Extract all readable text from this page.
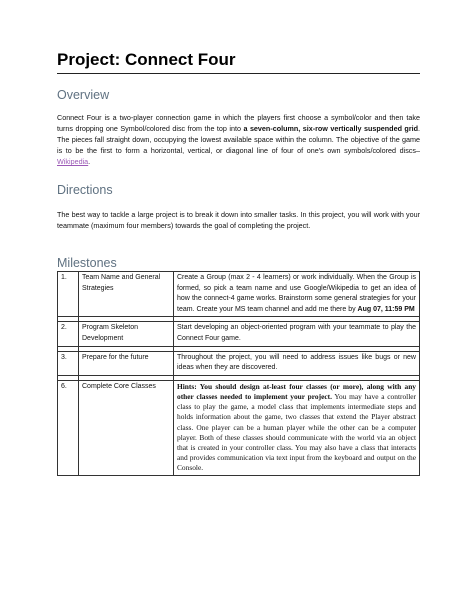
Project: Connect Four
Overview
Connect Four is a two-player connection game in which the players first choose a symbol/color and then take turns dropping one Symbol/colored disc from the top into a seven-column, six-row vertically suspended grid. The pieces fall straight down, occupying the lowest available space within the column. The objective of the game is to be the first to form a horizontal, vertical, or diagonal line of four of one's own symbols/colored discs–Wikipedia.
Directions
The best way to tackle a large project is to break it down into smaller tasks. In this project, you will work with your teammate (maximum four members) towards the goal of completing the project.
Milestones
1.	Team Name and General Strategies	Create a Group (max 2 - 4 learners) or work individually. When the Group is formed, so pick a team name and use Google/Wikipedia to get an idea of how the connect-4 game works. Brainstorm some general strategies for your team. Create your MS team channel and add me there by Aug 07, 11:59 PM

2.	Program Skeleton Development	Start developing an object-oriented program with your teammate to play the Connect Four game.

3.	Prepare for the future	Throughout the project, you will need to address issues like bugs or new ideas when they are discovered.

6.	Complete Core Classes	Hints: You should design at-least four classes (or more), along with any other classes needed to implement your project. You may have a controller class to play the game, a model class that implements intermediate steps and holds information about the game, two classes that extend the Player abstract class. One player can be a human player while the other can be a computer player. Both of these classes should communicate with the world via an object that is created in your controller class. You may also have a class that interacts and provides communication via text input from the keyboard and output on the Console.
